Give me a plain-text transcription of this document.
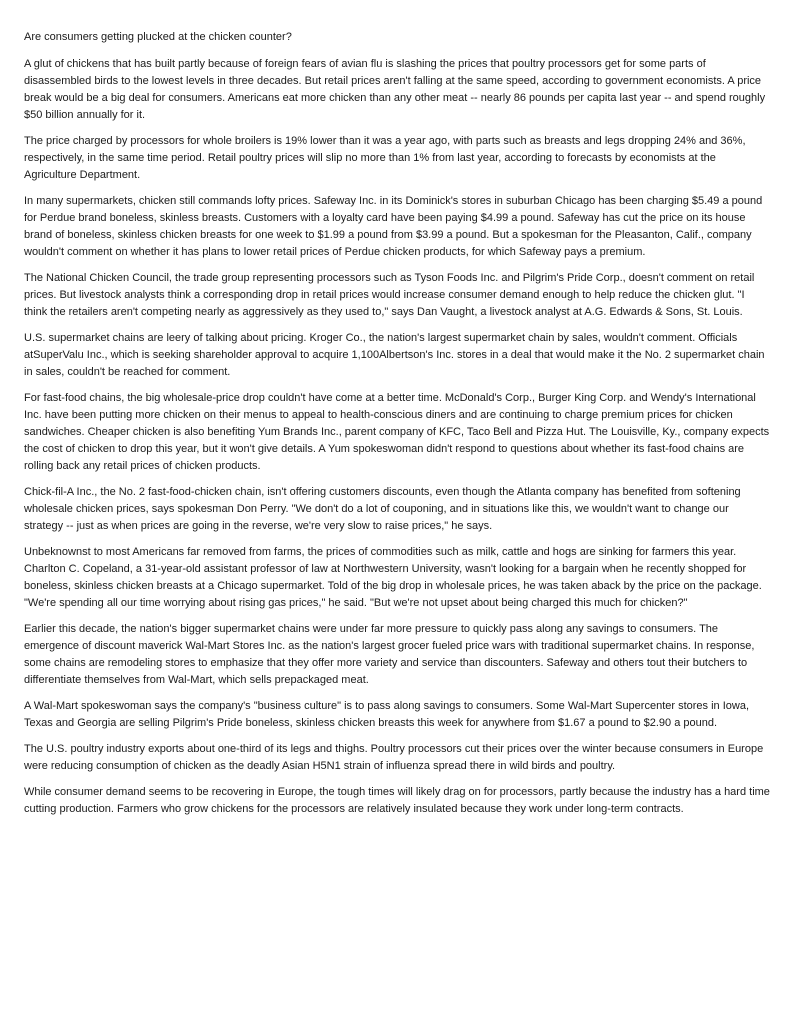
Are consumers getting plucked at the chicken counter?

A glut of chickens that has built partly because of foreign fears of avian flu is slashing the prices that poultry processors get for some parts of disassembled birds to the lowest levels in three decades. But retail prices aren't falling at the same speed, according to government economists. A price break would be a big deal for consumers. Americans eat more chicken than any other meat -- nearly 86 pounds per capita last year -- and spend roughly $50 billion annually for it.

The price charged by processors for whole broilers is 19% lower than it was a year ago, with parts such as breasts and legs dropping 24% and 36%, respectively, in the same time period. Retail poultry prices will slip no more than 1% from last year, according to forecasts by economists at the Agriculture Department.

In many supermarkets, chicken still commands lofty prices. Safeway Inc. in its Dominick's stores in suburban Chicago has been charging $5.49 a pound for Perdue brand boneless, skinless breasts. Customers with a loyalty card have been paying $4.99 a pound. Safeway has cut the price on its house brand of boneless, skinless chicken breasts for one week to $1.99 a pound from $3.99 a pound. But a spokesman for the Pleasanton, Calif., company wouldn't comment on whether it has plans to lower retail prices of Perdue chicken products, for which Safeway pays a premium.

The National Chicken Council, the trade group representing processors such as Tyson Foods Inc. and Pilgrim's Pride Corp., doesn't comment on retail prices. But livestock analysts think a corresponding drop in retail prices would increase consumer demand enough to help reduce the chicken glut. "I think the retailers aren't competing nearly as aggressively as they used to," says Dan Vaught, a livestock analyst at A.G. Edwards & Sons, St. Louis.

U.S. supermarket chains are leery of talking about pricing. Kroger Co., the nation's largest supermarket chain by sales, wouldn't comment. Officials atSuperValu Inc., which is seeking shareholder approval to acquire 1,100Albertson's Inc. stores in a deal that would make it the No. 2 supermarket chain in sales, couldn't be reached for comment.

For fast-food chains, the big wholesale-price drop couldn't have come at a better time. McDonald's Corp., Burger King Corp. and Wendy's International Inc. have been putting more chicken on their menus to appeal to health-conscious diners and are continuing to charge premium prices for chicken sandwiches. Cheaper chicken is also benefiting Yum Brands Inc., parent company of KFC, Taco Bell and Pizza Hut. The Louisville, Ky., company expects the cost of chicken to drop this year, but it won't give details. A Yum spokeswoman didn't respond to questions about whether its fast-food chains are rolling back any retail prices of chicken products.

Chick-fil-A Inc., the No. 2 fast-food-chicken chain, isn't offering customers discounts, even though the Atlanta company has benefited from softening wholesale chicken prices, says spokesman Don Perry. "We don't do a lot of couponing, and in situations like this, we wouldn't want to change our strategy -- just as when prices are going in the reverse, we're very slow to raise prices," he says.

Unbeknownst to most Americans far removed from farms, the prices of commodities such as milk, cattle and hogs are sinking for farmers this year. Charlton C. Copeland, a 31-year-old assistant professor of law at Northwestern University, wasn't looking for a bargain when he recently shopped for boneless, skinless chicken breasts at a Chicago supermarket. Told of the big drop in wholesale prices, he was taken aback by the price on the package. "We're spending all our time worrying about rising gas prices," he said. "But we're not upset about being charged this much for chicken?"

Earlier this decade, the nation's bigger supermarket chains were under far more pressure to quickly pass along any savings to consumers. The emergence of discount maverick Wal-Mart Stores Inc. as the nation's largest grocer fueled price wars with traditional supermarket chains. In response, some chains are remodeling stores to emphasize that they offer more variety and service than discounters. Safeway and others tout their butchers to differentiate themselves from Wal-Mart, which sells prepackaged meat.

A Wal-Mart spokeswoman says the company's "business culture" is to pass along savings to consumers. Some Wal-Mart Supercenter stores in Iowa, Texas and Georgia are selling Pilgrim's Pride boneless, skinless chicken breasts this week for anywhere from $1.67 a pound to $2.90 a pound.

The U.S. poultry industry exports about one-third of its legs and thighs. Poultry processors cut their prices over the winter because consumers in Europe were reducing consumption of chicken as the deadly Asian H5N1 strain of influenza spread there in wild birds and poultry.

While consumer demand seems to be recovering in Europe, the tough times will likely drag on for processors, partly because the industry has a hard time cutting production. Farmers who grow chickens for the processors are relatively insulated because they work under long-term contracts.
